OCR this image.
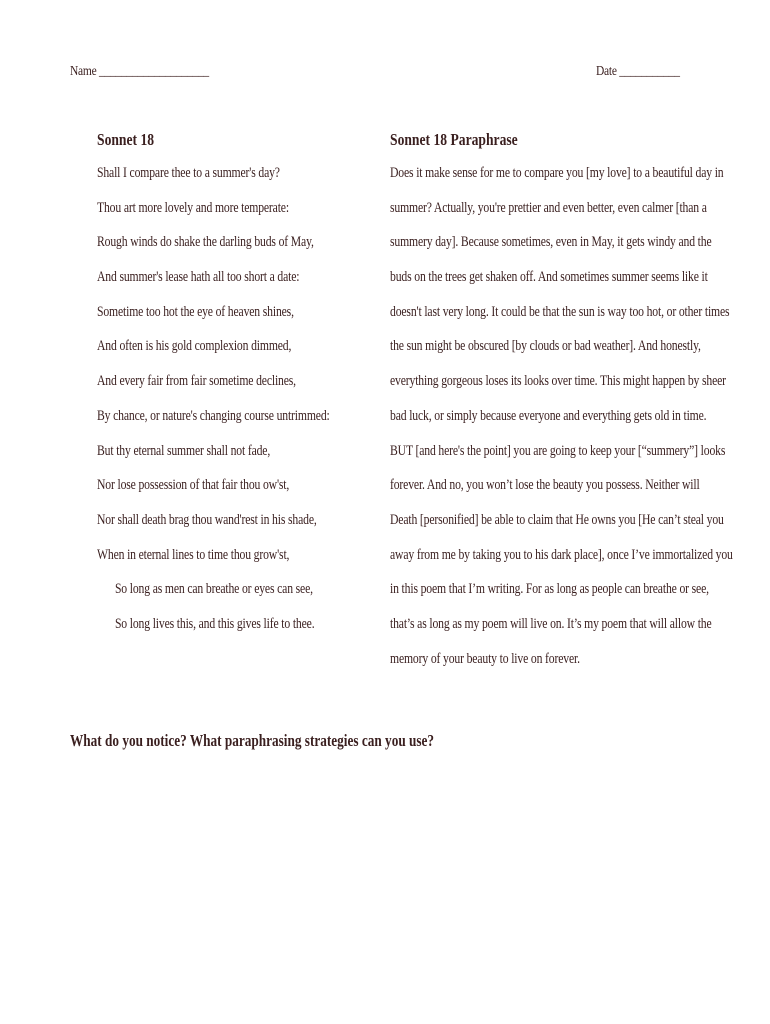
Name ____________________	Date ___________
Sonnet 18
Shall I compare thee to a summer's day?
Thou art more lovely and more temperate:
Rough winds do shake the darling buds of May,
And summer's lease hath all too short a date:
Sometime too hot the eye of heaven shines,
And often is his gold complexion dimmed,
And every fair from fair sometime declines,
By chance, or nature's changing course untrimmed:
But thy eternal summer shall not fade,
Nor lose possession of that fair thou ow'st,
Nor shall death brag thou wand'rest in his shade,
When in eternal lines to time thou grow'st,
So long as men can breathe or eyes can see,
So long lives this, and this gives life to thee.
Sonnet 18 Paraphrase
Does it make sense for me to compare you [my love] to a beautiful day in
summer? Actually, you're prettier and even better, even calmer [than a
summery day]. Because sometimes, even in May, it gets windy and the
buds on the trees get shaken off. And sometimes summer seems like it
doesn't last very long. It could be that the sun is way too hot, or other times
the sun might be obscured [by clouds or bad weather]. And honestly,
everything gorgeous loses its looks over time. This might happen by sheer
bad luck, or simply because everyone and everything gets old in time.
BUT [and here's the point] you are going to keep your [“summery”] looks
forever. And no, you won’t lose the beauty you possess. Neither will
Death [personified] be able to claim that He owns you [He can’t steal you
away from me by taking you to his dark place], once I’ve immortalized you
in this poem that I’m writing. For as long as people can breathe or see,
that’s as long as my poem will live on. It’s my poem that will allow the
memory of your beauty to live on forever.
What do you notice? What paraphrasing strategies can you use?
